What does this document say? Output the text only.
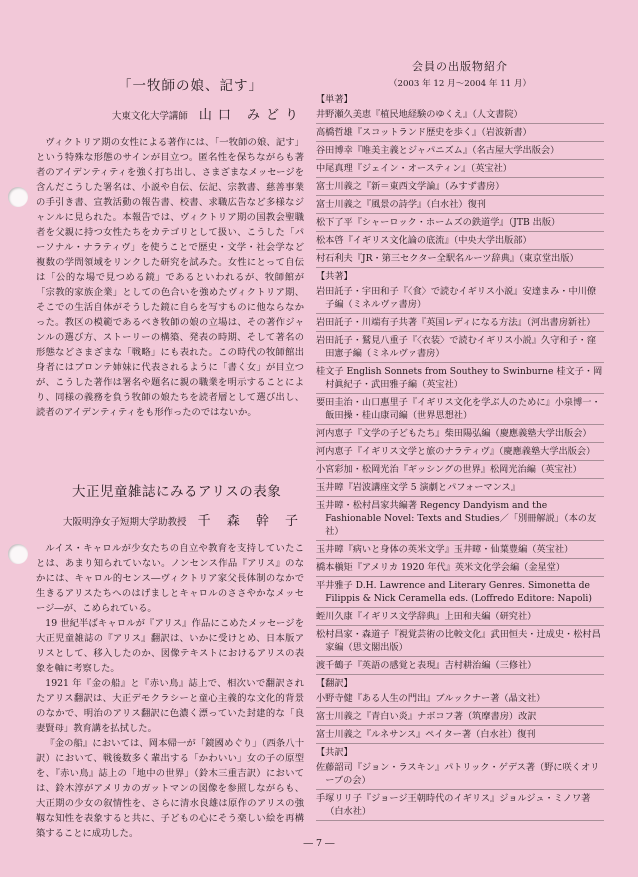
「一牧師の娘、記す」
大東文化大学講師 山口 みどり

ヴィクトリア期の女性による著作には、「一牧師の娘、記す」という特殊な形態のサインが目立つ。匿名性を保ちながらも著者のアイデンティティを強く打ち出し、さまざまなメッセージを含んだこうした署名は、小説や自伝、伝記、宗教書、慈善事業の手引き書、宣教活動の報告書、校書、求職広告など多様なジャンルに見られた。本報告では、ヴィクトリア期の国教会聖職者を父親に持つ女性たちをカテゴリとして扱い、こうした「パーソナル・ナラティヴ」を使うことで歴史・文学・社会学など複数の学問領域をリンクした研究を試みた。女性にとって自伝は「公的な場で見つめる鏡」であるといわれるが、牧師館が「宗教的家族企業」としての色合いを強めたヴィクトリア期、そこでの生活自体がそうした鏡に自らを写すものに他ならなかった。教区の模範であるべき牧師の娘の立場は、その著作ジャンルの選び方、ストーリーの構築、発表の時期、そして著名の形態などさまざまな「戦略」にも表れた。この時代の牧師館出身者にはブロンテ姉妹に代表されるように「書く女」が目立つが、こうした著作は署名や題名に親の職業を明示することにより、同様の義務を負う牧師の娘たちを読者層として選び出し、読者のアイデンティティをも形作ったのではないか。

大正児童雑誌にみるアリスの表象
大阪明浄女子短期大学助教授 千 森 幹 子

ルイス・キャロルが少女たちの自立や教育を支持していたことは、あまり知られていない。ノンセンス作品『アリス』のなかには、キャロル的センス―ヴィクトリア家父長体制のなかで生きるアリスたちへのはげましとキャロルのささやかなメッセージ―が、こめられている。

19 世紀半ばキャロルが『アリス』作品にこめたメッセージを大正児童雑誌の『アリス』翻訳は、いかに受けとめ、日本版アリスとして、移入したのか、図像テキストにおけるアリスの表象を軸に考察した。

1921 年『金の船』と『赤い鳥』誌上で、相次いで翻訳されたアリス翻訳は、大正デモクラシーと童心主義的な文化的背景のなかで、明治のアリス翻訳に色濃く漂っていた封建的な「良妻賢母」教育講を払拭した。

『金の船』においては、岡本帰一が「鏡國めぐり」（西条八十訳）において、戦後数多く輩出する「かわいい」女の子の原型を、『赤い鳥』誌上の「地中の世界」（鈴木三重吉訳）においては、鈴木淳がアメリカのガットマンの図像を参照しながらも、大正期の少女の叙情性を、さらに清水良雄は原作のアリスの強靱な知性を表象すると共に、子どもの心にそう楽しい絵を再構築することに成功した。

会員の出版物紹介
（2003 年 12 月～2004 年 11 月）
【単著】
井野瀬久美恵『植民地経験のゆくえ』（人文書院）
高橋哲雄『スコットランド歴史を歩く』（岩波新書）
谷田博幸『唯美主義とジャパニズム』（名古屋大学出版会）
中尾真理『ジェイン・オースティン』（英宝社）
富士川義之『新＝東西文学論』（みすず書房）
富士川義之『風景の詩学』（白水社）復刊
松下了平『シャーロック・ホームズの鉄道学』（JTB 出版）
松本啓『イギリス文化論の底流』（中央大学出版部）
村石利夫『JR・第三セクター全駅名ルーツ辞典』（東京堂出版）
【共著】
岩田託子・宇田和子『〈食〉で読むイギリス小説』安達まみ・中川僚子編（ミネルヴァ書房）
岩田託子・川端有子共著『英国レディになる方法』（河出書房新社）
岩田託子・鷲見八重子『〈衣装〉で読むイギリス小説』久守和子・窪田憲子編（ミネルヴァ書房）
桂文子 English Sonnets from Southey to Swinburne 桂文子・岡村眞紀子・武田雅子編（英宝社）
要田圭治・山口惠里子『イギリス文化を学ぶ人のために』小泉博一・飯田操・桂山康司編（世界思想社）
河内恵子『文学の子どもたち』柴田陽弘編（慶應義塾大学出版会）
河内恵子『イギリス文学と旅のナラティヴ』（慶應義塾大学出版会）
小宮彩加・松岡光治『ギッシングの世界』松岡光治編（英宝社）
玉井暲『岩波講座文学 5 演劇とパフォーマンス』
玉井暲・松村昌家共編著 Regency Dandyism and the Fashionable Novel: Texts and Studies／「別冊解説」（本の友社）
玉井暲『病いと身体の英米文学』玉井暲・仙葉豊編（英宝社）
橋本槇矩『アメリカ 1920 年代』英米文化学会編（金星堂）
平井雅子 D.H. Lawrence and Literary Genres. Simonetta de Filippis & Nick Ceramella eds. (Loffredo Editore: Napoli)
蛭川久康『イギリス文学辞典』上田和夫編（研究社）
松村昌家・森道子『視覚芸術の比較文化』武田恒夫・辻成史・松村昌家編（思文閣出版）
渡千鶴子『英語の感覚と表現』吉村耕治編（三修社）
【翻訳】
小野寺健『ある人生の門出』ブルックナー著（晶文社）
富士川義之『青白い炎』ナボコフ著（筑摩書房）改訳
富士川義之『ルネサンス』ペイター著（白水社）復刊
【共訳】
佐藤韶司『ジョン・ラスキン』パトリック・ゲデス著（野に咲くオリーブの会）
手塚リリ子『ジョージ王朝時代のイギリス』ジョルジュ・ミノワ著（白水社）
― 7 ―
